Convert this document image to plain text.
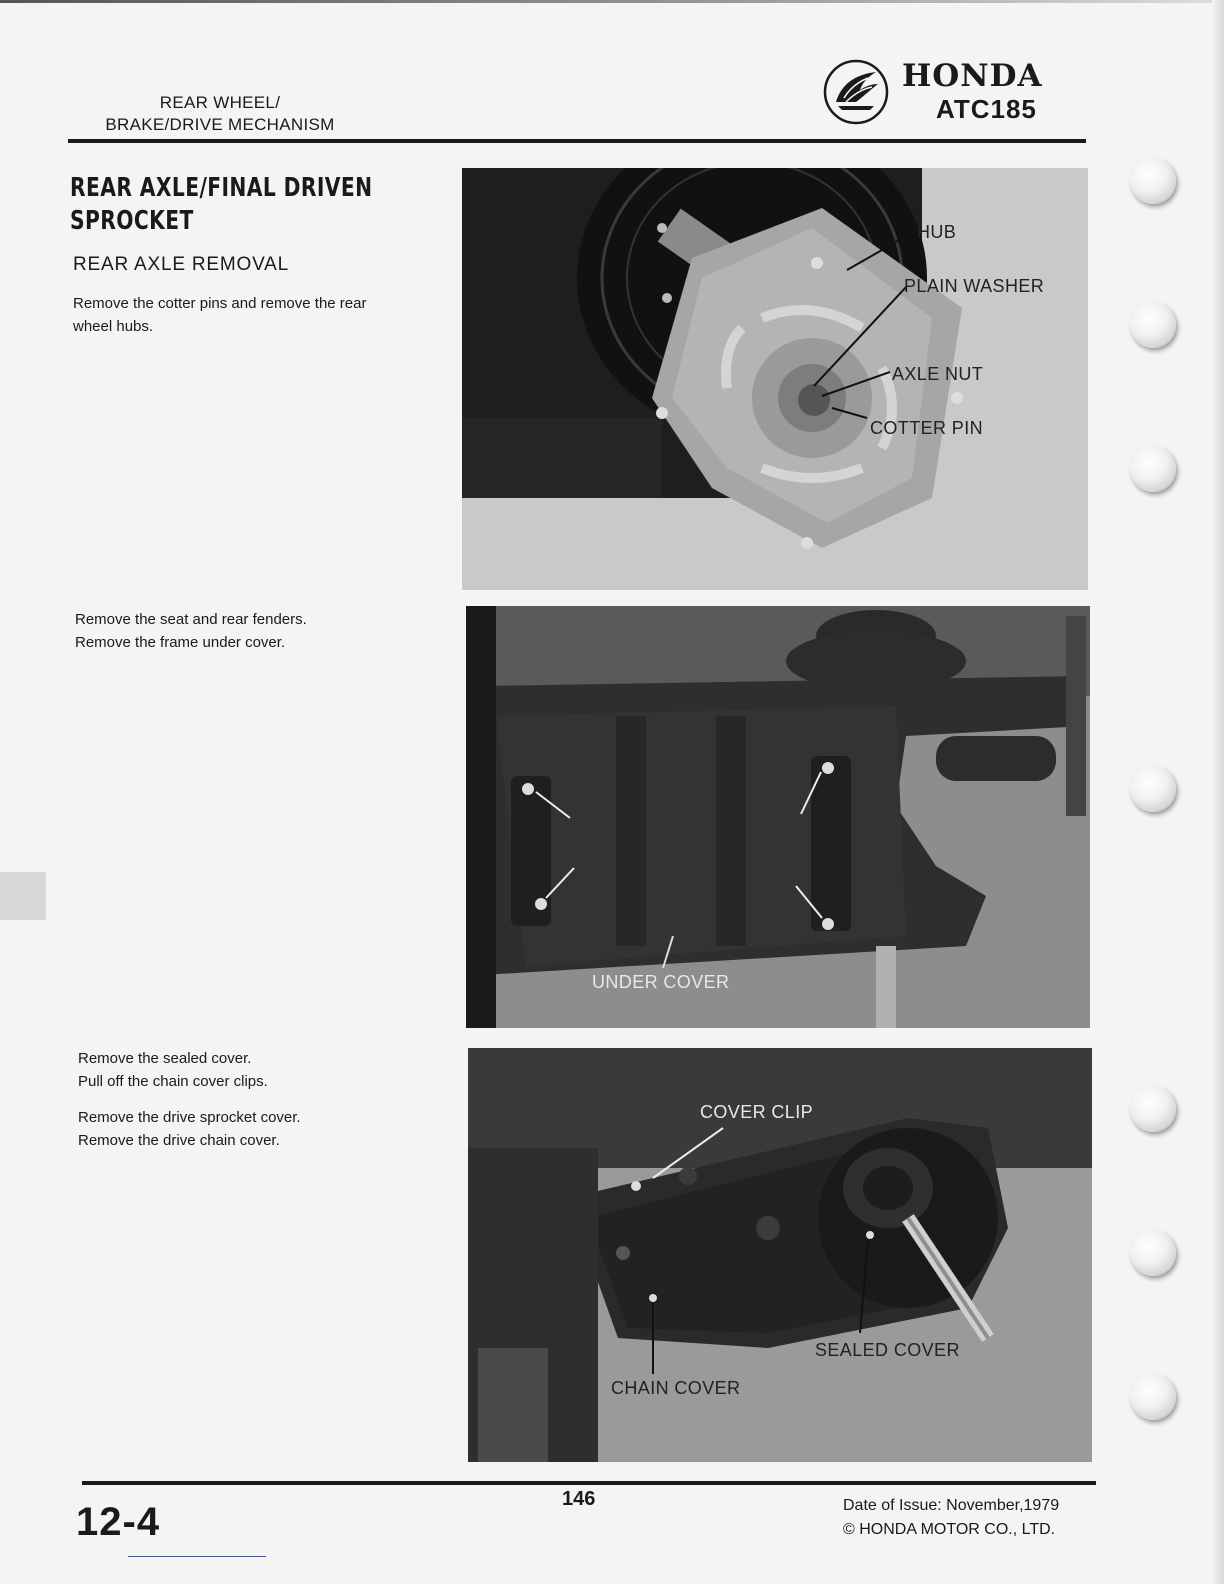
REAR WHEEL/
BRAKE/DRIVE MECHANISM
HONDA
ATC185
REAR AXLE/FINAL DRIVEN
SPROCKET
REAR AXLE REMOVAL
Remove the cotter pins and remove the rear
wheel hubs.
Remove the seat and rear fenders.
Remove the frame under cover.
Remove the sealed cover.
Pull off the chain cover clips.
Remove the drive sprocket cover.
Remove the drive chain cover.
HUB
PLAIN WASHER
AXLE NUT
COTTER PIN
UNDER COVER
COVER CLIP
SEALED COVER
CHAIN COVER
12-4
146	Date of Issue: November,1979
© HONDA MOTOR CO., LTD.
